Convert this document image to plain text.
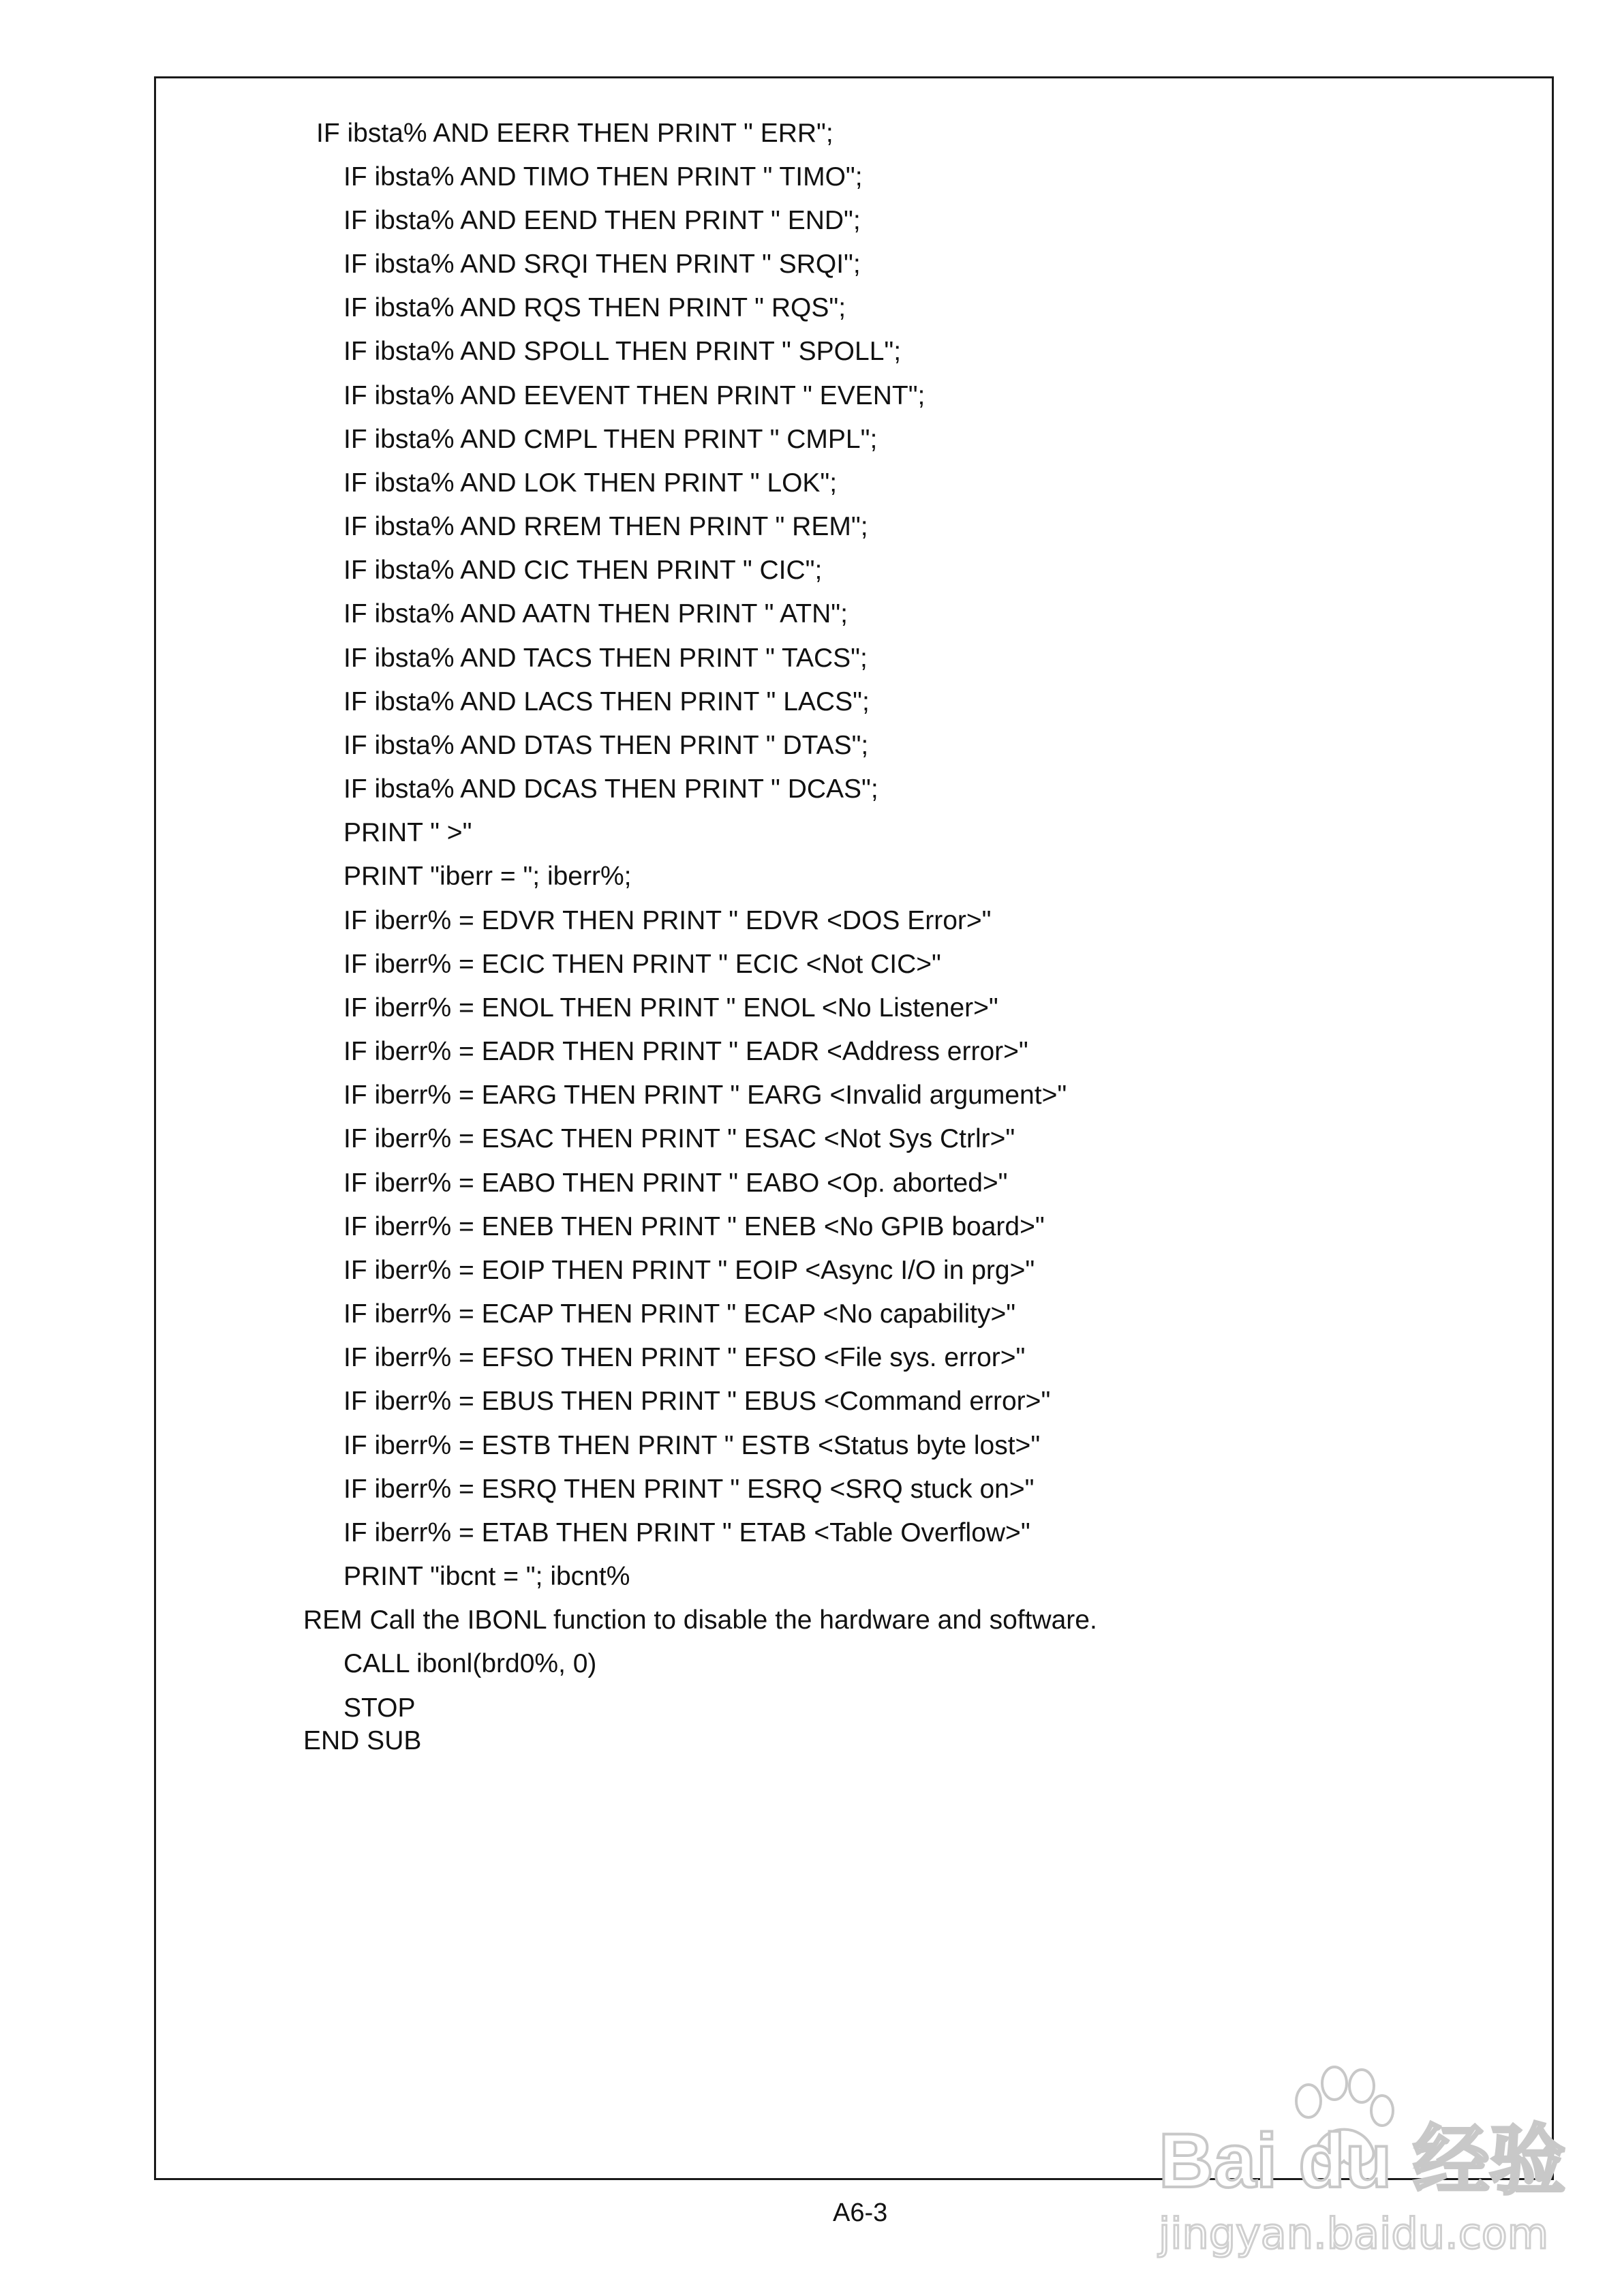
IF ibsta% AND EERR THEN PRINT " ERR";
IF ibsta% AND TIMO THEN PRINT " TIMO";
IF ibsta% AND EEND THEN PRINT " END";
IF ibsta% AND SRQI THEN PRINT " SRQI";
IF ibsta% AND RQS THEN PRINT " RQS";
IF ibsta% AND SPOLL THEN PRINT " SPOLL";
IF ibsta% AND EEVENT THEN PRINT " EVENT";
IF ibsta% AND CMPL THEN PRINT " CMPL";
IF ibsta% AND LOK THEN PRINT " LOK";
IF ibsta% AND RREM THEN PRINT " REM";
IF ibsta% AND CIC THEN PRINT " CIC";
IF ibsta% AND AATN THEN PRINT " ATN";
IF ibsta% AND TACS THEN PRINT " TACS";
IF ibsta% AND LACS THEN PRINT " LACS";
IF ibsta% AND DTAS THEN PRINT " DTAS";
IF ibsta% AND DCAS THEN PRINT " DCAS";
PRINT " >"
PRINT "iberr = "; iberr%;
IF iberr% = EDVR THEN PRINT " EDVR <DOS Error>"
IF iberr% = ECIC THEN PRINT " ECIC <Not CIC>"
IF iberr% = ENOL THEN PRINT " ENOL <No Listener>"
IF iberr% = EADR THEN PRINT " EADR <Address error>"
IF iberr% = EARG THEN PRINT " EARG <Invalid argument>"
IF iberr% = ESAC THEN PRINT " ESAC <Not Sys Ctrlr>"
IF iberr% = EABO THEN PRINT " EABO <Op. aborted>"
IF iberr% = ENEB THEN PRINT " ENEB <No GPIB board>"
IF iberr% = EOIP THEN PRINT " EOIP <Async I/O in prg>"
IF iberr% = ECAP THEN PRINT " ECAP <No capability>"
IF iberr% = EFSO THEN PRINT " EFSO <File sys. error>"
IF iberr% = EBUS THEN PRINT " EBUS <Command error>"
IF iberr% = ESTB THEN PRINT " ESTB <Status byte lost>"
IF iberr% = ESRQ THEN PRINT " ESRQ <SRQ stuck on>"
IF iberr% = ETAB THEN PRINT " ETAB <Table Overflow>"
PRINT "ibcnt = "; ibcnt%
REM Call the IBONL function to disable the hardware and software.
CALL ibonl(brd0%, 0)
STOP
END SUB
A6-3
Bai du 经验
jingyan.baidu.com
